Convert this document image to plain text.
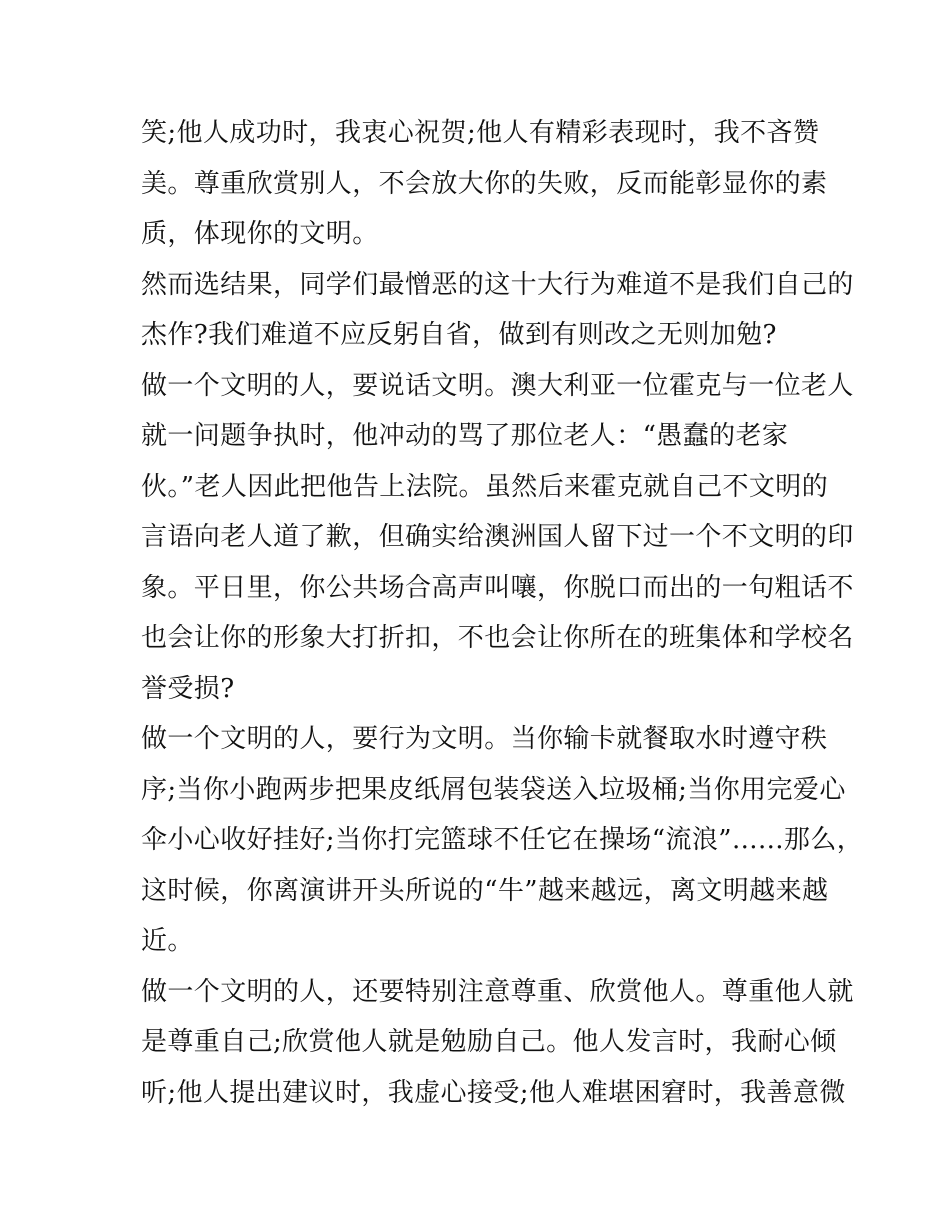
笑;他人成功时，我衷心祝贺;他人有精彩表现时，我不吝赞
美。尊重欣赏别人，不会放大你的失败，反而能彰显你的素
质，体现你的文明。
然而选结果，同学们最憎恶的这十大行为难道不是我们自己的
杰作?我们难道不应反躬自省，做到有则改之无则加勉?
做一个文明的人，要说话文明。澳大利亚一位霍克与一位老人
就一问题争执时，他冲动的骂了那位老人：“愚蠢的老家
伙。”老人因此把他告上法院。虽然后来霍克就自己不文明的
言语向老人道了歉，但确实给澳洲国人留下过一个不文明的印
象。平日里，你公共场合高声叫嚷，你脱口而出的一句粗话不
也会让你的形象大打折扣，不也会让你所在的班集体和学校名
誉受损?
做一个文明的人，要行为文明。当你输卡就餐取水时遵守秩
序;当你小跑两步把果皮纸屑包装袋送入垃圾桶;当你用完爱心
伞小心收好挂好;当你打完篮球不任它在操场“流浪”......那么，
这时候，你离演讲开头所说的“牛”越来越远，离文明越来越
近。
做一个文明的人，还要特别注意尊重、欣赏他人。尊重他人就
是尊重自己;欣赏他人就是勉励自己。他人发言时，我耐心倾
听;他人提出建议时，我虚心接受;他人难堪困窘时，我善意微
